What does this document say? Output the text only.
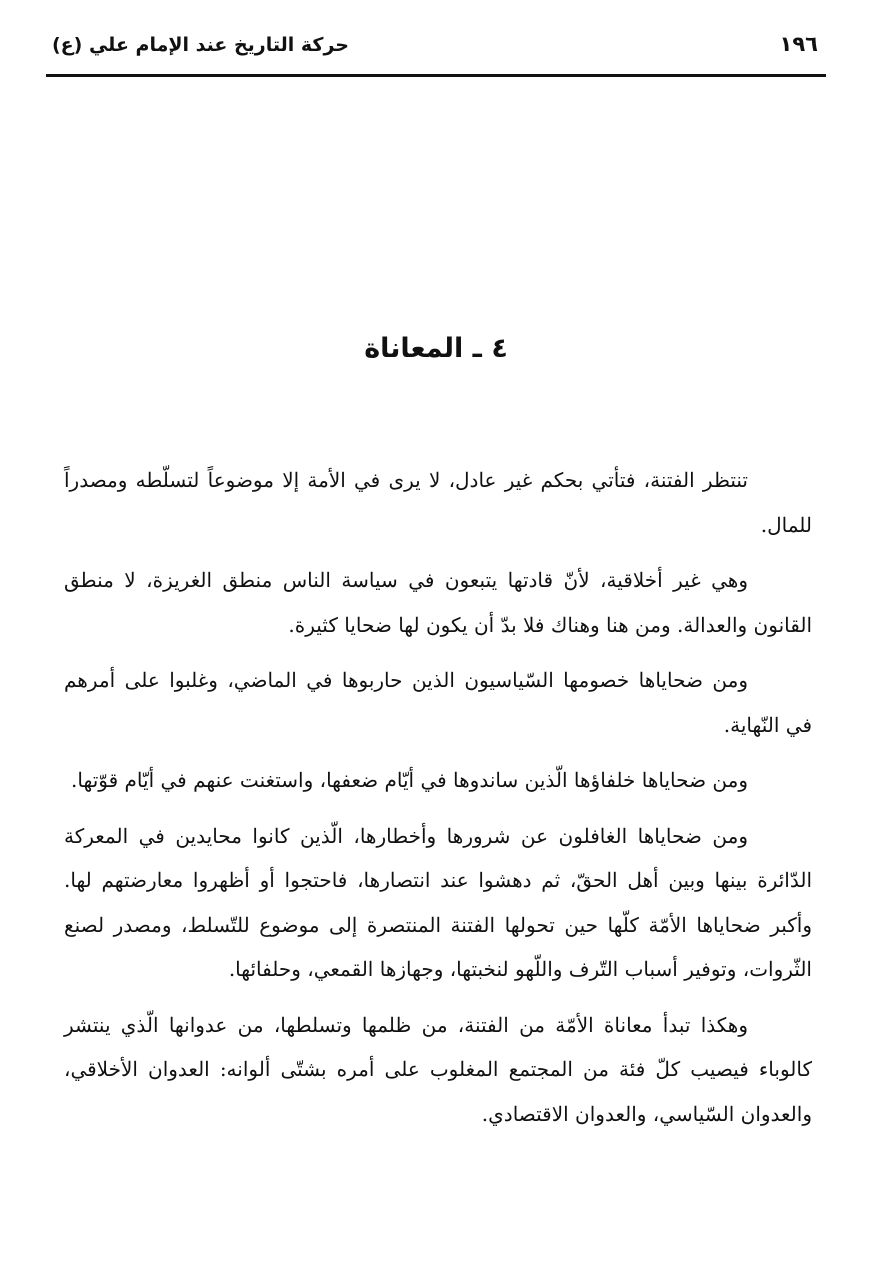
١٩٦
حركة التاريخ عند الإمام علي (ع)
٤ ـ المعاناة

تنتظر الفتنة، فتأتي بحكم غير عادل، لا يرى في الأمة إلا موضوعاً لتسلّطه ومصدراً للمال.

وهي غير أخلاقية، لأنّ قادتها يتبعون في سياسة الناس منطق الغريزة، لا منطق القانون والعدالة. ومن هنا وهناك فلا بدّ أن يكون لها ضحايا كثيرة.

ومن ضحاياها خصومها السّياسيون الذين حاربوها في الماضي، وغلبوا على أمرهم في النّهاية.

ومن ضحاياها خلفاؤها الّذين ساندوها في أيّام ضعفها، واستغنت عنهم في أيّام قوّتها.

ومن ضحاياها الغافلون عن شرورها وأخطارها، الّذين كانوا محايدين في المعركة الدّائرة بينها وبين أهل الحقّ، ثم دهشوا عند انتصارها، فاحتجوا أو أظهروا معارضتهم لها. وأكبر ضحاياها الأمّة كلّها حين تحولها الفتنة المنتصرة إلى موضوع للتّسلط، ومصدر لصنع الثّروات، وتوفير أسباب التّرف واللّهو لنخبتها، وجهازها القمعي، وحلفائها.

وهكذا تبدأ معاناة الأمّة من الفتنة، من ظلمها وتسلطها، من عدوانها الّذي ينتشر كالوباء فيصيب كلّ فئة من المجتمع المغلوب على أمره بشتّى ألوانه: العدوان الأخلاقي، والعدوان السّياسي، والعدوان الاقتصادي.
